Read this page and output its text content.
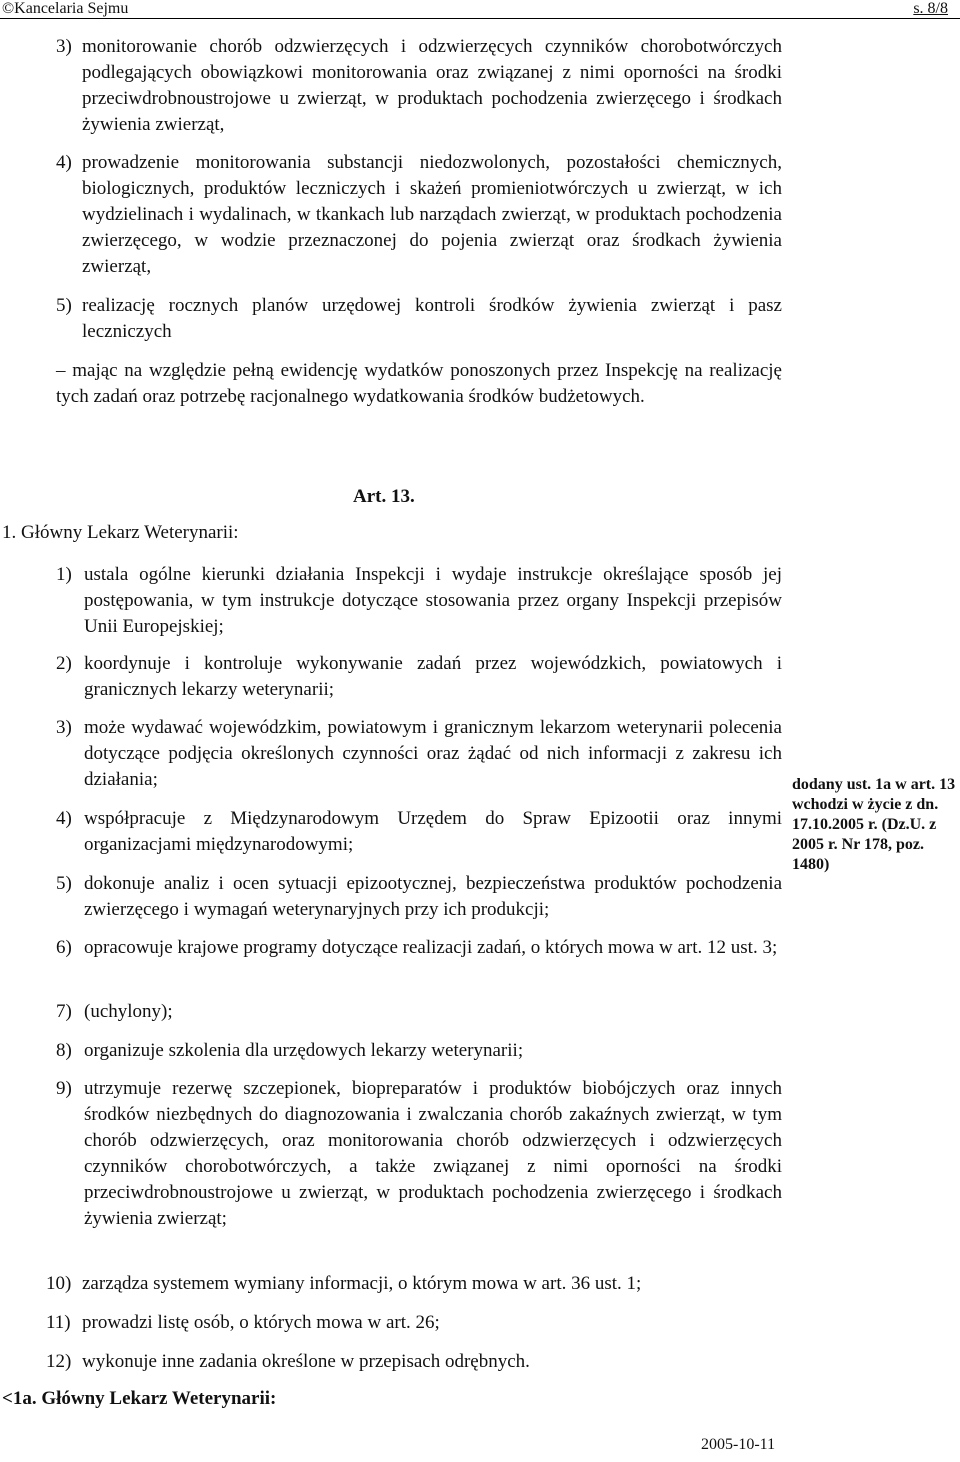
©Kancelaria Sejmu	s. 8/8
3) monitorowanie chorób odzwierzęcych i odzwierzęcych czynników chorobotwórczych podlegających obowiązkowi monitorowania oraz związanej z nimi oporności na środki przeciwdrobnoustrojowe u zwierząt, w produktach pochodzenia zwierzęcego i środkach żywienia zwierząt,
4) prowadzenie monitorowania substancji niedozwolonych, pozostałości chemicznych, biologicznych, produktów leczniczych i skażeń promieniotwórczych u zwierząt, w ich wydzielinach i wydalinach, w tkankach lub narządach zwierząt, w produktach pochodzenia zwierzęcego, w wodzie przeznaczonej do pojenia zwierząt oraz środkach żywienia zwierząt,
5) realizację rocznych planów urzędowej kontroli środków żywienia zwierząt i pasz leczniczych
– mając na względzie pełną ewidencję wydatków ponoszonych przez Inspekcję na realizację tych zadań oraz potrzebę racjonalnego wydatkowania środków budżetowych.
Art. 13.
1. Główny Lekarz Weterynarii:
1) ustala ogólne kierunki działania Inspekcji i wydaje instrukcje określające sposób jej postępowania, w tym instrukcje dotyczące stosowania przez organy Inspekcji przepisów Unii Europejskiej;
2) koordynuje i kontroluje wykonywanie zadań przez wojewódzkich, powiatowych i granicznych lekarzy weterynarii;
3) może wydawać wojewódzkim, powiatowym i granicznym lekarzom weterynarii polecenia dotyczące podjęcia określonych czynności oraz żądać od nich informacji z zakresu ich działania;
4) współpracuje z Międzynarodowym Urzędem do Spraw Epizootii oraz innymi organizacjami międzynarodowymi;
5) dokonuje analiz i ocen sytuacji epizootycznej, bezpieczeństwa produktów pochodzenia zwierzęcego i wymagań weterynaryjnych przy ich produkcji;
6) opracowuje krajowe programy dotyczące realizacji zadań, o których mowa w art. 12 ust. 3;
7) (uchylony);
8) organizuje szkolenia dla urzędowych lekarzy weterynarii;
9) utrzymuje rezerwę szczepionek, biopreparatów i produktów biobójczych oraz innych środków niezbędnych do diagnozowania i zwalczania chorób zakaźnych zwierząt, w tym chorób odzwierzęcych, oraz monitorowania chorób odzwierzęcych i odzwierzęcych czynników chorobotwórczych, a także związanej z nimi oporności na środki przeciwdrobnoustrojowe u zwierząt, w produktach pochodzenia zwierzęcego i środkach żywienia zwierząt;
10) zarządza systemem wymiany informacji, o którym mowa w art. 36 ust. 1;
11) prowadzi listę osób, o których mowa w art. 26;
12) wykonuje inne zadania określone w przepisach odrębnych.
dodany ust. 1a w art. 13 wchodzi w życie z dn. 17.10.2005 r. (Dz.U. z 2005 r. Nr 178, poz. 1480)
<1a. Główny Lekarz Weterynarii:
2005-10-11
